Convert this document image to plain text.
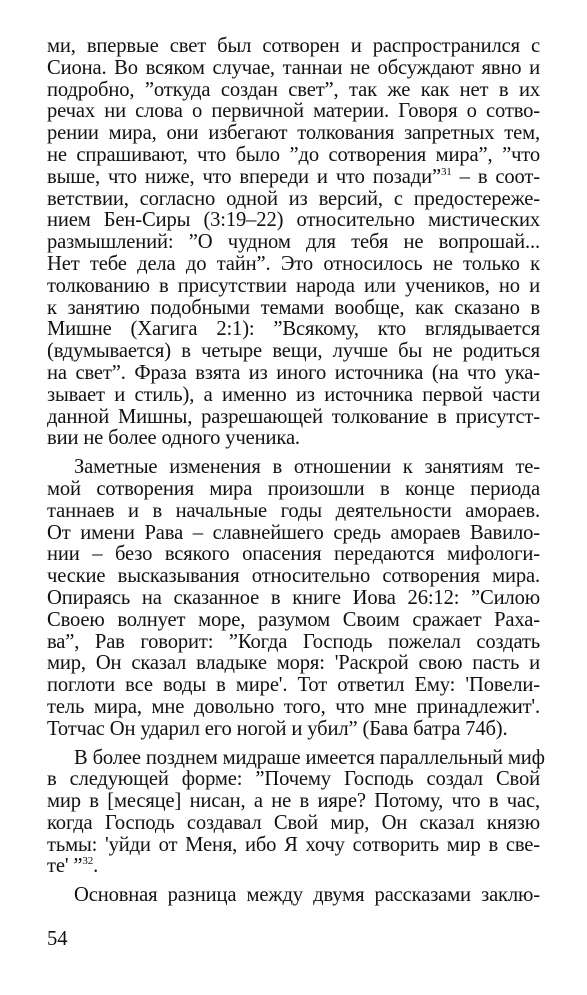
ми, впервые свет был сотворен и распространился с
Сиона. Во всяком случае, таннаи не обсуждают явно и
подробно, ”откуда создан свет”, так же как нет в их
речах ни слова о первичной материи. Говоря о сотво-
рении мира, они избегают толкования запретных тем,
не спрашивают, что было ”до сотворения мира”, ”что
выше, что ниже, что впереди и что позади”$^{31}$ – в соот-
ветствии, согласно одной из версий, с предостереже-
нием Бен-Сиры (3:19–22) относительно мистических
размышлений: ”О чудном для тебя не вопрошай...
Нет тебе дела до тайн”. Это относилось не только к
толкованию в присутствии народа или учеников, но и
к занятию подобными темами вообще, как сказано в
Мишне (Хагига 2:1): ”Всякому, кто вглядывается
(вдумывается) в четыре вещи, лучше бы не родиться
на свет”. Фраза взята из иного источника (на что ука-
зывает и стиль), а именно из источника первой части
данной Мишны, разрешающей толкование в присутст-
вии не более одного ученика.
Заметные изменения в отношении к занятиям те-
мой сотворения мира произошли в конце периода
таннаев и в начальные годы деятельности амораев.
От имени Рава – славнейшего средь амораев Вавило-
нии – безо всякого опасения передаются мифологи-
ческие высказывания относительно сотворения мира.
Опираясь на сказанное в книге Иова 26:12: ”Силою
Своею волнует море, разумом Своим сражает Раха-
ва”, Рав говорит: ”Когда Господь пожелал создать
мир, Он сказал владыке моря: 'Раскрой свою пасть и
поглоти все воды в мире'. Тот ответил Ему: 'Повели-
тель мира, мне довольно того, что мне принадлежит'.
Тотчас Он ударил его ногой и убил” (Бава батра 74б).
В более позднем мидраше имеется параллельный миф
в следующей форме: ”Почему Господь создал Свой
мир в [месяце] нисан, а не в ияре? Потому, что в час,
когда Господь создавал Свой мир, Он сказал князю
тьмы: 'уйди от Меня, ибо Я хочу сотворить мир в све-
те' ”$^{32}$.
Основная разница между двумя рассказами заклю-
54
